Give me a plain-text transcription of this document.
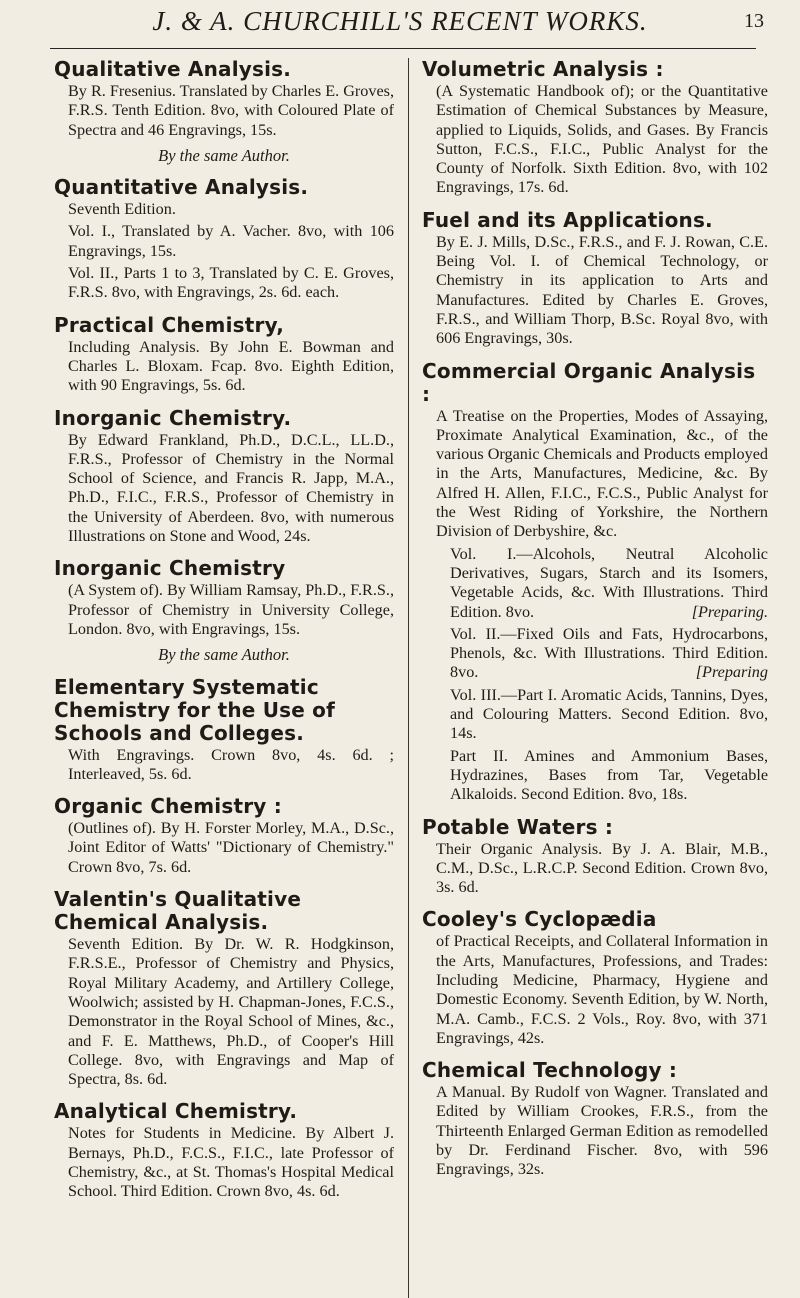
J. & A. CHURCHILL'S RECENT WORKS.	13
Qualitative Analysis.
By R. Fresenius. Translated by Charles E. Groves, F.R.S. Tenth Edition. 8vo, with Coloured Plate of Spectra and 46 Engravings, 15s.
By the same Author.
Quantitative Analysis.
Seventh Edition.
Vol. I., Translated by A. Vacher. 8vo, with 106 Engravings, 15s.
Vol. II., Parts 1 to 3, Translated by C. E. Groves, F.R.S. 8vo, with Engravings, 2s. 6d. each.
Practical Chemistry,
Including Analysis. By John E. Bowman and Charles L. Bloxam. Fcap. 8vo. Eighth Edition, with 90 Engravings, 5s. 6d.
Inorganic Chemistry.
By Edward Frankland, Ph.D., D.C.L., LL.D., F.R.S., Professor of Chemistry in the Normal School of Science, and Francis R. Japp, M.A., Ph.D., F.I.C., F.R.S., Professor of Chemistry in the University of Aberdeen. 8vo, with numerous Illustrations on Stone and Wood, 24s.
Inorganic Chemistry
(A System of). By William Ramsay, Ph.D., F.R.S., Professor of Chemistry in University College, London. 8vo, with Engravings, 15s.
By the same Author.
Elementary Systematic Chemistry for the Use of Schools and Colleges.
With Engravings. Crown 8vo, 4s. 6d. ; Interleaved, 5s. 6d.
Organic Chemistry :
(Outlines of). By H. Forster Morley, M.A., D.Sc., Joint Editor of Watts' "Dictionary of Chemistry." Crown 8vo, 7s. 6d.
Valentin's Qualitative Chemical Analysis.
Seventh Edition. By Dr. W. R. Hodgkinson, F.R.S.E., Professor of Chemistry and Physics, Royal Military Academy, and Artillery College, Woolwich; assisted by H. Chapman-Jones, F.C.S., Demonstrator in the Royal School of Mines, &c., and F. E. Matthews, Ph.D., of Cooper's Hill College. 8vo, with Engravings and Map of Spectra, 8s. 6d.
Analytical Chemistry.
Notes for Students in Medicine. By Albert J. Bernays, Ph.D., F.C.S., F.I.C., late Professor of Chemistry, &c., at St. Thomas's Hospital Medical School. Third Edition. Crown 8vo, 4s. 6d.
Volumetric Analysis :
(A Systematic Handbook of); or the Quantitative Estimation of Chemical Substances by Measure, applied to Liquids, Solids, and Gases. By Francis Sutton, F.C.S., F.I.C., Public Analyst for the County of Norfolk. Sixth Edition. 8vo, with 102 Engravings, 17s. 6d.
Fuel and its Applications.
By E. J. Mills, D.Sc., F.R.S., and F. J. Rowan, C.E. Being Vol. I. of Chemical Technology, or Chemistry in its application to Arts and Manufactures. Edited by Charles E. Groves, F.R.S., and William Thorp, B.Sc. Royal 8vo, with 606 Engravings, 30s.
Commercial Organic Analysis :
A Treatise on the Properties, Modes of Assaying, Proximate Analytical Examination, &c., of the various Organic Chemicals and Products employed in the Arts, Manufactures, Medicine, &c. By Alfred H. Allen, F.I.C., F.C.S., Public Analyst for the West Riding of Yorkshire, the Northern Division of Derbyshire, &c.
Vol. I.—Alcohols, Neutral Alcoholic Derivatives, Sugars, Starch and its Isomers, Vegetable Acids, &c. With Illustrations. Third Edition. 8vo.	[Preparing.
Vol. II.—Fixed Oils and Fats, Hydrocarbons, Phenols, &c. With Illustrations. Third Edition. 8vo.	[Preparing
Vol. III.—Part I. Aromatic Acids, Tannins, Dyes, and Colouring Matters. Second Edition. 8vo, 14s.
Part II. Amines and Ammonium Bases, Hydrazines, Bases from Tar, Vegetable Alkaloids. Second Edition. 8vo, 18s.
Potable Waters :
Their Organic Analysis. By J. A. Blair, M.B., C.M., D.Sc., L.R.C.P. Second Edition. Crown 8vo, 3s. 6d.
Cooley's Cyclopædia
of Practical Receipts, and Collateral Information in the Arts, Manufactures, Professions, and Trades: Including Medicine, Pharmacy, Hygiene and Domestic Economy. Seventh Edition, by W. North, M.A. Camb., F.C.S. 2 Vols., Roy. 8vo, with 371 Engravings, 42s.
Chemical Technology :
A Manual. By Rudolf von Wagner. Translated and Edited by William Crookes, F.R.S., from the Thirteenth Enlarged German Edition as remodelled by Dr. Ferdinand Fischer. 8vo, with 596 Engravings, 32s.
